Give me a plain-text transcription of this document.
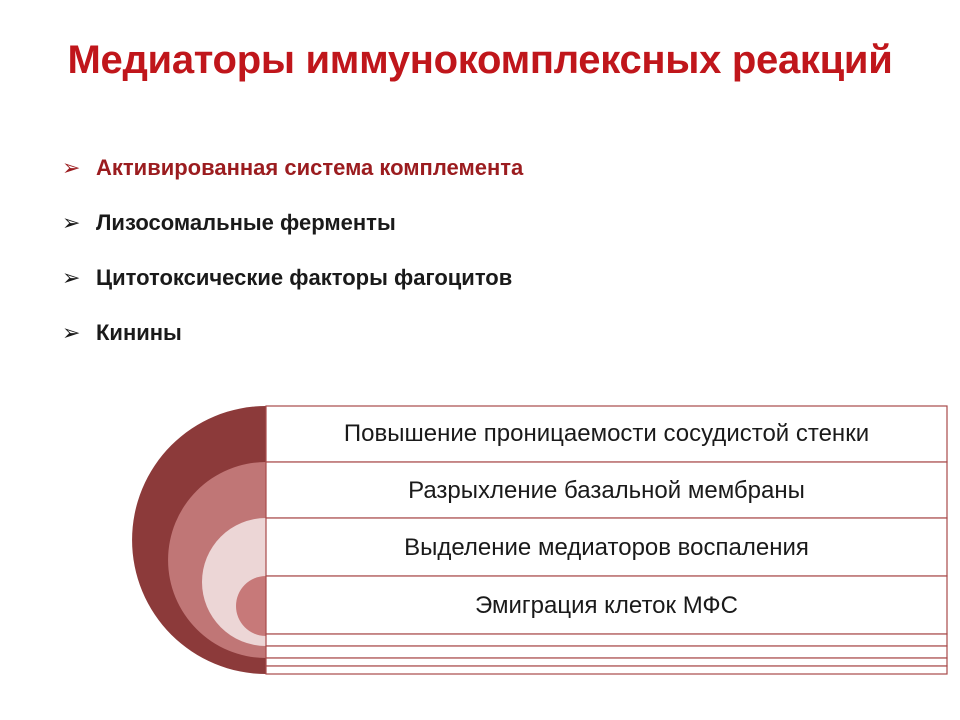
Медиаторы иммунокомплексных реакций
➢ Активированная система комплемента
➢ Лизосомальные ферменты
➢ Цитотоксические факторы фагоцитов
➢ Кинины
Повышение проницаемости сосудистой стенки
Разрыхление базальной мембраны
Выделение медиаторов воспаления
Эмиграция клеток МФС
